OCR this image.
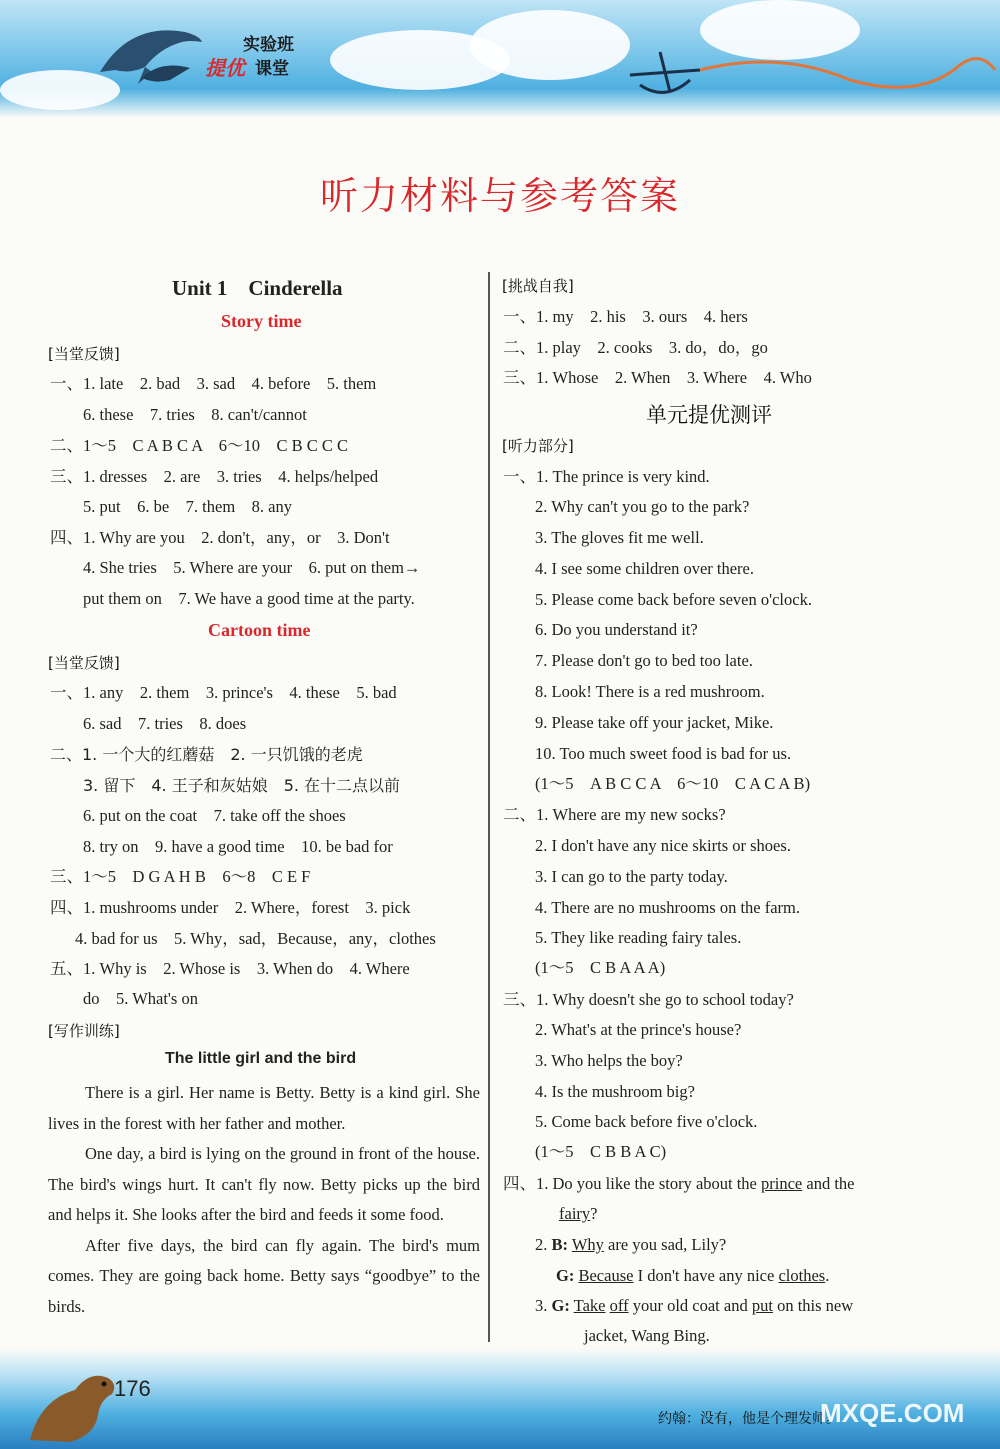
实验班
提优 课堂
听力材料与参考答案
Unit 1　Cinderella
Story time
[当堂反馈]
一、1. late　2. bad　3. sad　4. before　5. them
6. these　7. tries　8. can't/cannot
二、1～5　C A B C A　6～10　C B C C C
三、1. dresses　2. are　3. tries　4. helps/helped
5. put　6. be　7. them　8. any
四、1. Why are you　2. don't，any，or　3. Don't
4. She tries　5. Where are your　6. put on them→
put them on　7. We have a good time at the party.
Cartoon time
[当堂反馈]
一、1. any　2. them　3. prince's　4. these　5. bad
6. sad　7. tries　8. does
二、1. 一个大的红蘑菇　2. 一只饥饿的老虎
3. 留下　4. 王子和灰姑娘　5. 在十二点以前
6. put on the coat　7. take off the shoes
8. try on　9. have a good time　10. be bad for
三、1～5　D G A H B　6～8　C E F
四、1. mushrooms under　2. Where，forest　3. pick
4. bad for us　5. Why，sad，Because，any，clothes
五、1. Why is　2. Whose is　3. When do　4. Where
do　5. What's on
[写作训练]
The little girl and the bird

There is a girl. Her name is Betty. Betty is a kind girl. She lives in the forest with her father and mother.

One day, a bird is lying on the ground in front of the house. The bird's wings hurt. It can't fly now. Betty picks up the bird and helps it. She looks after the bird and feeds it some food.

After five days, the bird can fly again. The bird's mum comes. They are going back home. Betty says “goodbye” to the birds.

[挑战自我]
一、1. my　2. his　3. ours　4. hers
二、1. play　2. cooks　3. do，do，go
三、1. Whose　2. When　3. Where　4. Who
单元提优测评
[听力部分]
一、1. The prince is very kind.
2. Why can't you go to the park?
3. The gloves fit me well.
4. I see some children over there.
5. Please come back before seven o'clock.
6. Do you understand it?
7. Please don't go to bed too late.
8. Look! There is a red mushroom.
9. Please take off your jacket, Mike.
10. Too much sweet food is bad for us.
(1～5　A B C C A　6～10　C A C A B)
二、1. Where are my new socks?
2. I don't have any nice skirts or shoes.
3. I can go to the party today.
4. There are no mushrooms on the farm.
5. They like reading fairy tales.
(1～5　C B A A A)
三、1. Why doesn't she go to school today?
2. What's at the prince's house?
3. Who helps the boy?
4. Is the mushroom big?
5. Come back before five o'clock.
(1～5　C B B A C)
四、1. Do you like the story about the prince and the
fairy?
2. B: Why are you sad, Lily?
G: Because I don't have any nice clothes.
3. G: Take off your old coat and put on this new
jacket, Wang Bing.
176
约翰：没有，他是个理发师。
MXQE.COM
